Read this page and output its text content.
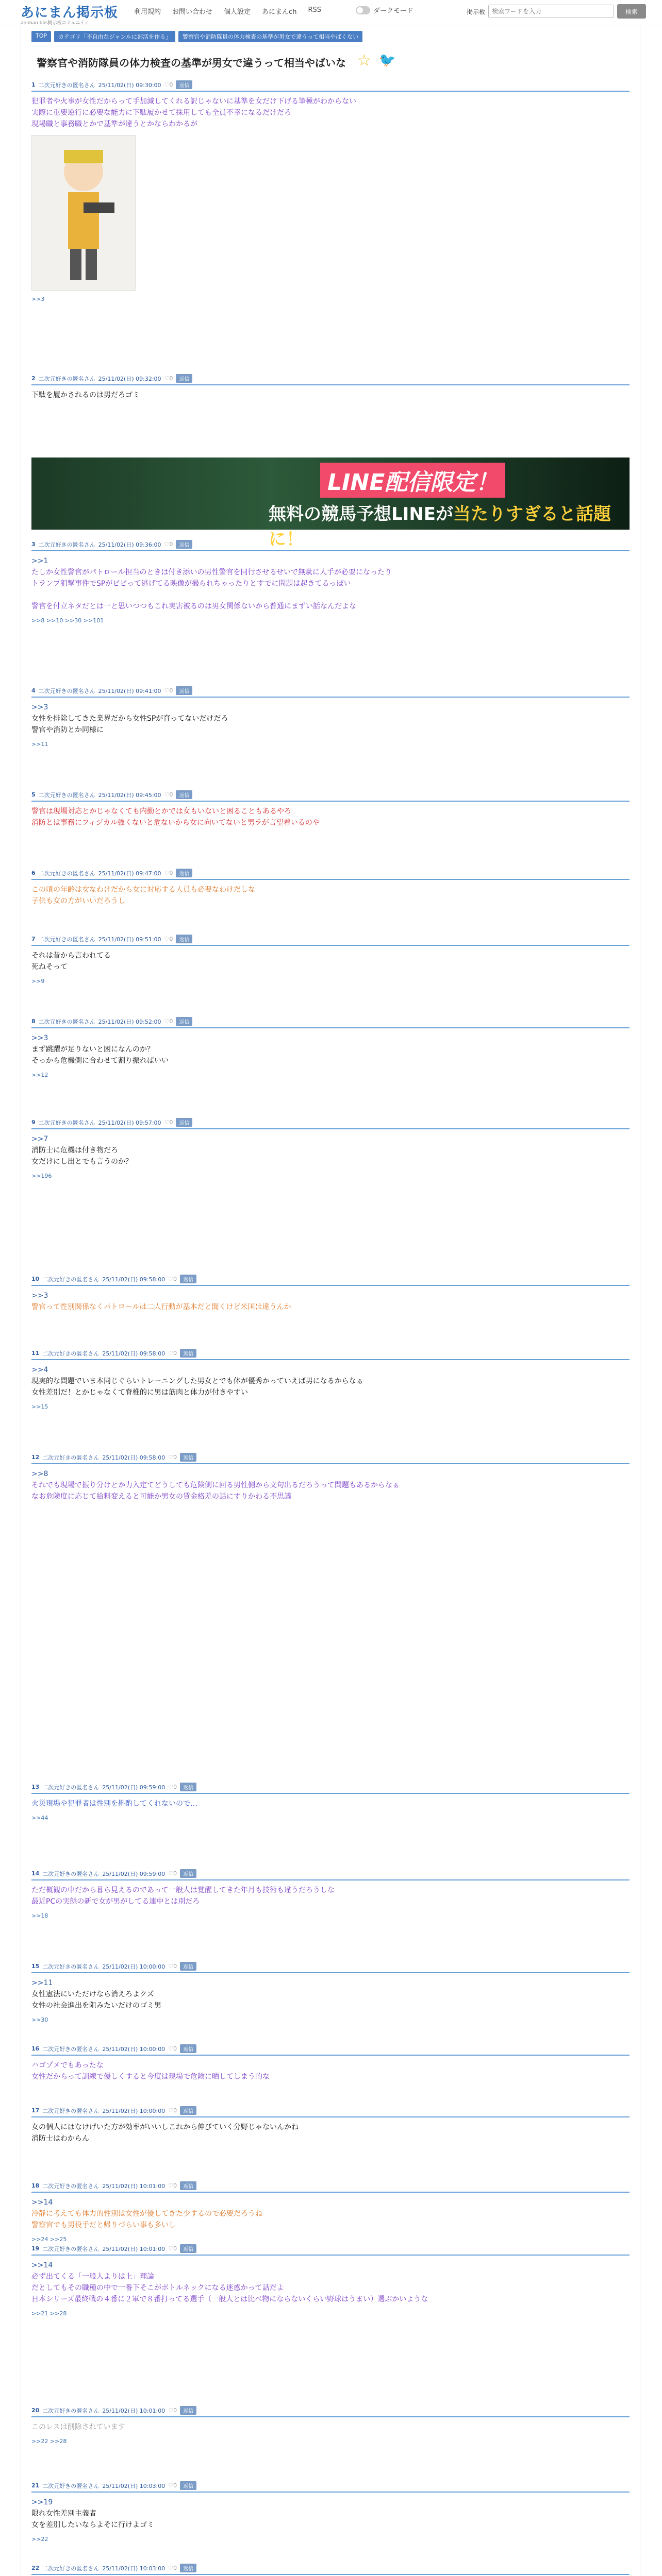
あにまん掲示板
animan bbs掲示板コミュニティ
利用規約 お問い合わせ 個人設定 あにまんch RSS	ダークモード	掲示板
検索ワードを入力	検索
TOP	カテゴリ「不自由なジャンルに部活を作る」	警察官や消防隊員の体力検査の基準が男女で違うって相当やばくない
警察官や消防隊員の体力検査の基準が男女で違うって相当やばいな ☆ 🐦
LINE配信限定！
無料の競馬予想LINEが当たりすぎると話題に！
1 二次元好きの匿名さん 25/11/02(日) 09:30:00 ♡0	返信
犯罪者や火事が女性だからって手加減してくれる訳じゃないに基準を女だけ下げる筆極がわからない
実際に重要逆行に必要な能力に下駄履かせて採用しても全員不幸になるだけだろ
現場職と事務職とかで基準が違うとかならわかるが
>>3
2 二次元好きの匿名さん 25/11/02(日) 09:32:00 ♡0	返信
下駄を履かされるのは男だろゴミ
3 二次元好きの匿名さん 25/11/02(日) 09:36:00 ♡0	返信
>>1
たしか女性警官がパトロール担当のときは付き添いの男性警官を同行させるせいで無駄に人手が必要になったり
トランプ狙撃事件でSPがビビって逃げてる映像が撮られちゃったりとすでに問題は起きてるっぽい
警官を付立ネタだとは一と思いつつもこれ実害被るのは男女関係ないから普通にまずい話なんだよな
>>8 >>10 >>30 >>101
4 二次元好きの匿名さん 25/11/02(日) 09:41:00 ♡0	返信
>>3
女性を排除してきた業界だから女性SPが育ってないだけだろ
警官や消防とか同様に
>>11
5 二次元好きの匿名さん 25/11/02(日) 09:45:00 ♡0	返信
警官は現場対応とかじゃなくても内勤とかでは女もいないと困ることもあるやろ
消防とは事務にフィジカル強くないと危ないから女に向いてないと男ラが言望着いるのや
6 二次元好きの匿名さん 25/11/02(日) 09:47:00 ♡0	返信
この頃の年齢は女なわけだから女に対応する人員も必要なわけだしな
子供も女の方がいいだろうし
7 二次元好きの匿名さん 25/11/02(日) 09:51:00 ♡0	返信
それは昔から言われてる
死ねそって
>>9
8 二次元好きの匿名さん 25/11/02(日) 09:52:00 ♡0	返信
>>3
まず跳躍が足りないと困になんのか？
そっから危機側に合わせて割り振ればいい
>>12
9 二次元好きの匿名さん 25/11/02(日) 09:57:00 ♡0	返信
>>7
消防士に危機は付き物だろ
女だけにし出とでも言うのか？
>>196
10 二次元好きの匿名さん 25/11/02(日) 09:58:00 ♡0	返信
>>3
警官って性別関係なくパトロールは二人行動が基本だと聞くけど米国は違うんか
11 二次元好きの匿名さん 25/11/02(日) 09:58:00 ♡0	返信
>>4
現実的な問題でいま本同じぐらいトレーニングした男女とでも体が優秀かっていえば男になるからなぁ
女性差別だ！とかじゃなくて脊椎的に男は筋肉と体力が付きやすい
>>15
12 二次元好きの匿名さん 25/11/02(日) 09:58:00 ♡0	返信
>>8
それでも現場で振り分けとか力入定てどうしても危険側に回る男性側から文句出るだろうって問題もあるからなぁ
なお危険度に応じて給料変えると可能か男女の賃金格差の話にすりかわる不思議
13 二次元好きの匿名さん 25/11/02(日) 09:59:00 ♡0	返信
火災現場や犯罪者は性別を斟酌してくれないので…
>>44
14 二次元好きの匿名さん 25/11/02(日) 09:59:00 ♡0	返信
ただ概観の中だから暮ら見えるのであって一般人は覚醒してきた年月も技術も違うだろうしな
最近PCの実態の新で女が男がしてる連中とは別だろ
>>18
15 二次元好きの匿名さん 25/11/02(日) 10:00:00 ♡0	返信
>>11
女性憲法にいただけなら消えろよクズ
女性の社会進出を阻みたいだけのゴミ男
>>30
16 二次元好きの匿名さん 25/11/02(日) 10:00:00 ♡0	返信
ハゴゾメでもあったな
女性だからって訓練で優しくすると今度は現場で危険に晒してしまう的な
17 二次元好きの匿名さん 25/11/02(日) 10:00:00 ♡0	返信
女の個人にはなけげいた方が効率がいいしこれから伸びていく分野じゃないんかね
消防士はわからん
18 二次元好きの匿名さん 25/11/02(日) 10:01:00 ♡0	返信
>>14
冷静に考えても体力的性別は女性が優してきた少するので必要だろうね
警察官でも男役手だと帰りづらい事も多いし
>>24 >>25
19 二次元好きの匿名さん 25/11/02(日) 10:01:00 ♡0	返信
>>14
必ず出てくる「一般人よりは上」理論
だとしてもその職種の中で一番下そこがボトルネックになる迷惑かって話だよ
日本シリーズ最終戦の４番に２軍で８番打ってる選手（一般人とは比べ物にならないくらい野球はうまい）選ぶかいような
>>21 >>28
20 二次元好きの匿名さん 25/11/02(日) 10:01:00 ♡0	返信
このレスは削除されています
>>22 >>28
21 二次元好きの匿名さん 25/11/02(日) 10:03:00 ♡0	返信
>>19
限れ女性差別主義者
女を差別したいならよそに行けよゴミ
>>22
22 二次元好きの匿名さん 25/11/02(日) 10:03:00 ♡0	返信
